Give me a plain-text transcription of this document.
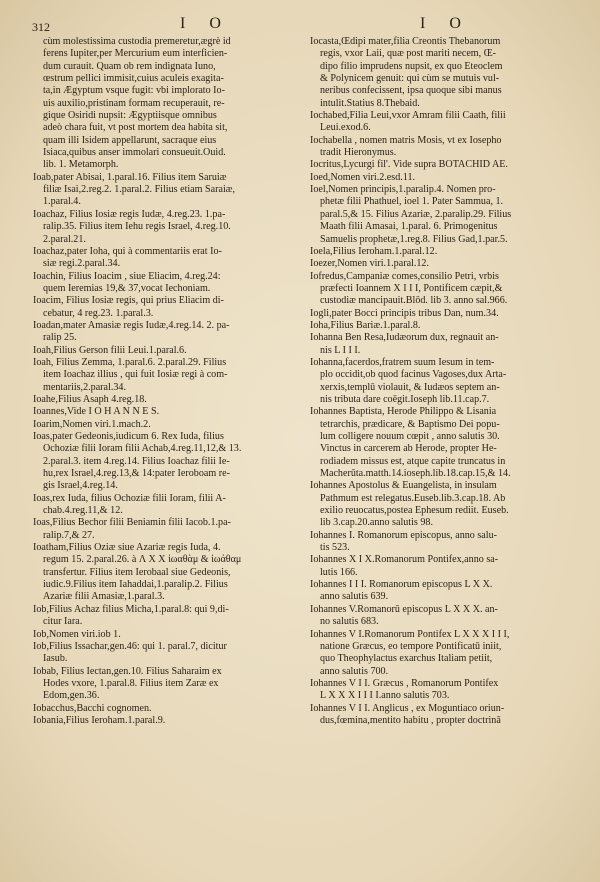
312	I O	I O
cùm molestissima custodia premeretur,ægrè id
ferens Iupiter,per Mercurium eum interficien-
dum curauit. Quam ob rem indignata Iuno,
œstrum pellici immisit,cuius aculeis exagita-
ta,in Ægyptum vsque fugit: vbi implorato Io-
uis auxilio,pristinam formam recuperauit, re-
gique Osiridi nupsit: Ægyptiisque omnibus
adeò chara fuit, vt post mortem dea habita sit,
quam illi Isidem appellarunt, sacraque eius
Isiaca,quibus anser immolari consueuit.Ouid.
lib. 1. Metamorph.
Ioab,pater Abisai, 1.paral.16. Filius item Saruiæ
filiæ Isai,2.reg.2. 1.paral.2. Filius etiam Saraiæ,
1.paral.4.
Ioachaz, Filius Iosiæ regis Iudæ, 4.reg.23. 1.pa-
ralip.35. Filius item Iehu regis Israel, 4.reg.10.
2.paral.21.
Ioachaz,pater Ioha, qui à commentariis erat Io-
siæ regi.2.paral.34.
Ioachin, Filius Ioacim , siue Eliacim, 4.reg.24:
quem Ieremias 19,& 37,vocat Iechoniam.
Ioacim, Filius Iosiæ regis, qui prius Eliacim di-
cebatur, 4 reg.23. 1.paral.3.
Ioadan,mater Amasiæ regis Iudæ,4.reg.14. 2. pa-
ralip 25.
Ioah,Filius Gerson filii Leui.1.paral.6.
Ioah, Filius Zemma, 1.paral.6. 2.paral.29. Filius
item Ioachaz illius , qui fuit Iosiæ regi à com-
mentariis,2.paral.34.
Ioahe,Filius Asaph 4.reg.18.
Ioannes,Vide I O H A N N E S.
Ioarim,Nomen viri.1.mach.2.
Ioas,pater Gedeonis,iudicum 6. Rex Iuda, filius
Ochoziæ filii Ioram filii Achab,4.reg.11,12,& 13.
2.paral.3. item 4.reg.14. Filius Ioachaz filii Ie-
hu,rex Israel,4.reg.13,& 14:pater Ieroboam re-
gis Israel,4.reg.14.
Ioas,rex Iuda, filius Ochoziæ filii Ioram, filii A-
chab.4.reg.11,& 12.
Ioas,Filius Bechor filii Beniamin filii Iacob.1.pa-
ralip.7,& 27.
Ioatham,Filius Oziæ siue Azariæ regis Iuda, 4.
regum 15. 2.paral.26. à Λ Χ Χ ἰωαθὰμ & ἰωάθαμ
transfertur. Filius item Ierobaal siue Gedeonis,
iudic.9.Filius item Iahaddai,1.paralip.2. Filius
Azariæ filii Amasiæ,1.paral.3.
Iob,Filius Achaz filius Micha,1.paral.8: qui 9,di-
citur Iara.
Iob,Nomen viri.iob 1.
Iob,Filius Issachar,gen.46: qui 1. paral.7, dicitur
Iasub.
Iobab, Filius Iectan,gen.10. Filius Saharaim ex
Hodes vxore, 1.paral.8. Filius item Zaræ ex
Edom,gen.36.
Iobacchus,Bacchi cognomen.
Iobania,Filius Ieroham.1.paral.9.
Iocasta,Œdipi mater,filia Creontis Thebanorum
regis, vxor Laii, quæ post mariti necem, Œ-
dipo filio imprudens nupsit, ex quo Eteoclem
& Polynicem genuit: qui cùm se mutuis vul-
neribus confecissent, ipsa quoque sibi manus
intulit.Statius 8.Thebaid.
Iochabed,Filia Leui,vxor Amram filii Caath, filii
Leui.exod.6.
Iochabella , nomen matris Mosis, vt ex Iosepho
tradit Hieronymus.
Iocritus,Lycurgi fil'. Vide supra BOTACHID AE.
Ioed,Nomen viri.2.esd.11.
Ioel,Nomen principis,1.paralip.4. Nomen pro-
phetæ filii Phathuel, ioel 1. Pater Sammua, 1.
paral.5,& 15. Filius Azariæ, 2.paralip.29. Filius
Maath filii Amasai, 1.paral. 6. Primogenitus
Samuelis prophetæ,1.reg.8. Filius Gad,1.par.5.
Ioela,Filius Ieroham.1.paral.12.
Ioezer,Nomen viri.1.paral.12.
Iofredus,Campaniæ comes,consilio Petri, vrbis
præfecti Ioannem X I I I, Pontificem cæpit,&
custodiæ mancipauit.Blōd. lib 3. anno sal.966.
Iogli,pater Bocci principis tribus Dan, num.34.
Ioha,Filius Bariæ.1.paral.8.
Iohanna Ben Resa,Iudæorum dux, regnauit an-
nis L I I I.
Iohanna,facerdos,fratrem suum Iesum in tem-
plo occidit,ob quod facinus Vagoses,dux Arta-
xerxis,templū violauit, & Iudæos septem an-
nis tributa dare coēgit.Ioseph lib.11.cap.7.
Iohannes Baptista, Herode Philippo & Lisania
tetrarchis, prædicare, & Baptismo Dei popu-
lum colligere nouum cœpit , anno salutis 30.
Vinctus in carcerem ab Herode, propter He-
rodiadem missus est, atque capite truncatus in
Macherūta.matth.14.ioseph.lib.18.cap.15,& 14.
Iohannes Apostolus & Euangelista, in insulam
Pathmum est relegatus.Euseb.lib.3.cap.18. Ab
exilio reuocatus,postea Ephesum rediit. Euseb.
lib 3.cap.20.anno salutis 98.
Iohannes I. Romanorum episcopus, anno salu-
tis 523.
Iohannes X I X.Romanorum Pontifex,anno sa-
lutis 166.
Iohannes I I I. Romanorum episcopus L X X.
anno salutis 639.
Iohannes V.Romanorū episcopus L X X X. an-
no salutis 683.
Iohannes V I.Romanorum Pontifex L X X X I I I,
natione Græcus, eo tempore Pontificatū iniit,
quo Theophylactus exarchus Italiam petiit,
anno salutis 700.
Iohannes V I I. Græcus , Romanorum Pontifex
L X X X I I I I.anno salutis 703.
Iohannes V I I. Anglicus , ex Moguntiaco oriun-
dus,fœmina,mentito habitu , propter doctrinā
